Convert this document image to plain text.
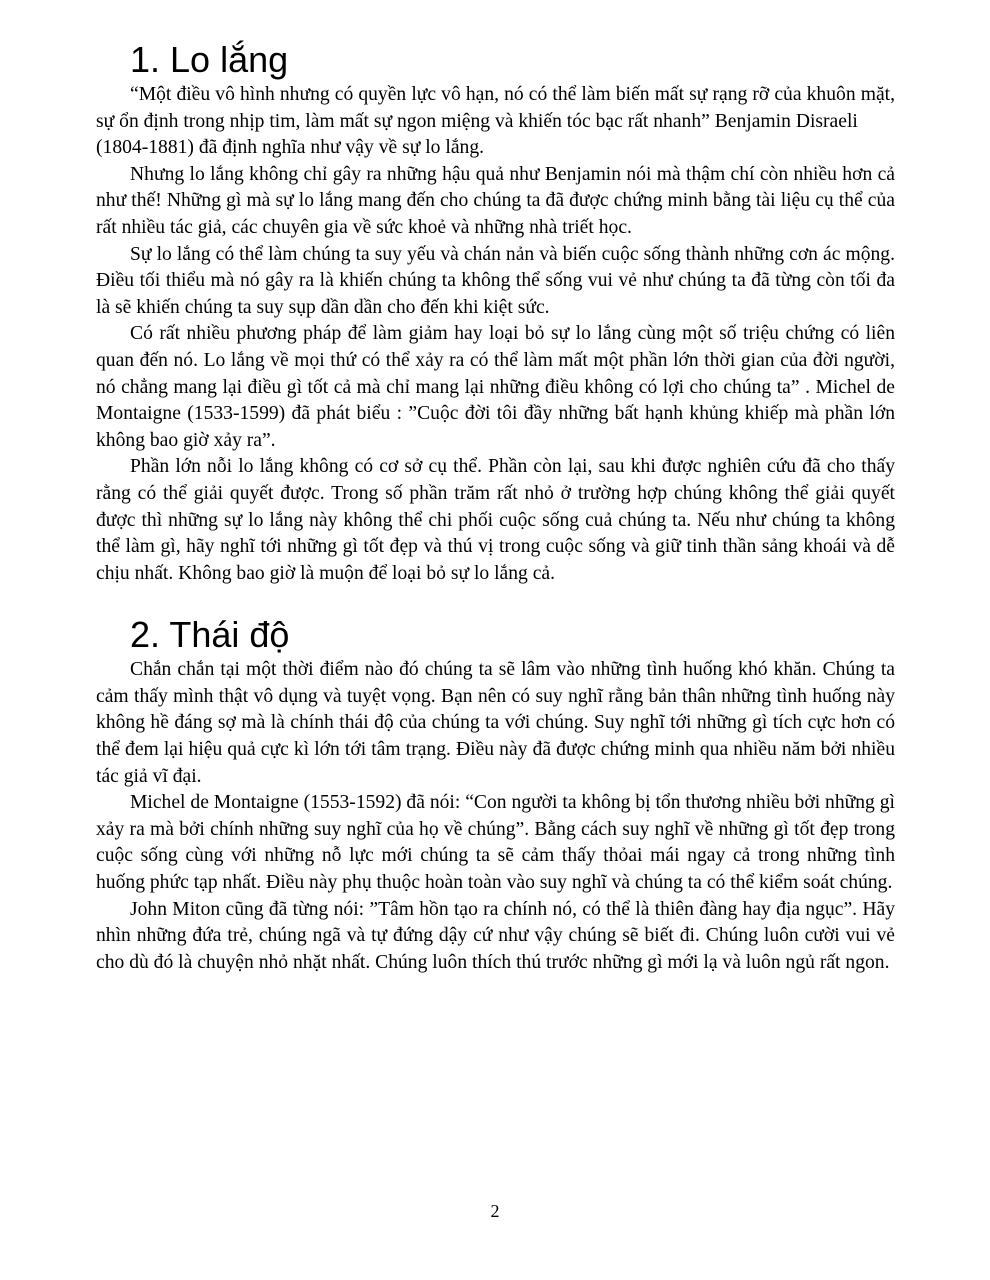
1. Lo lắng

“Một điều vô hình nhưng có quyền lực vô hạn, nó có thể làm biến mất sự rạng rỡ của khuôn mặt, sự ổn định trong nhịp tim, làm mất sự ngon miệng và khiến tóc bạc rất nhanh” Benjamin Disraeli

(1804-1881) đã định nghĩa như vậy về sự lo lắng.

Nhưng lo lắng không chỉ gây ra những hậu quả như Benjamin nói mà thậm chí còn nhiều hơn cả như thế! Những gì mà sự lo lắng mang đến cho chúng ta đã được chứng minh bằng tài liệu cụ thể của rất nhiều tác giả, các chuyên gia về sức khoẻ và những nhà triết học.

Sự lo lắng có thể làm chúng ta suy yếu và chán nản và biến cuộc sống thành những cơn ác mộng. Điều tối thiểu mà nó gây ra là khiến chúng ta không thể sống vui vẻ như chúng ta đã từng còn tối đa là sẽ khiến chúng ta suy sụp dần dần cho đến khi kiệt sức.

Có rất nhiều phương pháp để làm giảm hay loại bỏ sự lo lắng cùng một số triệu chứng có liên quan đến nó. Lo lắng về mọi thứ có thể xảy ra có thể làm mất một phần lớn thời gian của đời người, nó chẳng mang lại điều gì tốt cả mà chỉ mang lại những điều không có lợi cho chúng ta” . Michel de Montaigne (1533-1599) đã phát biểu : ”Cuộc đời tôi đầy những bất hạnh khủng khiếp mà phần lớn không bao giờ xảy ra”.

Phần lớn nỗi lo lắng không có cơ sở cụ thể. Phần còn lại, sau khi được nghiên cứu đã cho thấy rằng có thể giải quyết được. Trong số phần trăm rất nhỏ ở trường hợp chúng không thể giải quyết được thì những sự lo lắng này không thể chi phối cuộc sống cuả chúng ta. Nếu như chúng ta không thể làm gì, hãy nghĩ tới những gì tốt đẹp và thú vị trong cuộc sống và giữ tinh thần sảng khoái và dễ chịu nhất. Không bao giờ là muộn để loại bỏ sự lo lắng cả.

2. Thái độ

Chắn chắn tại một thời điểm nào đó chúng ta sẽ lâm vào những tình huống khó khăn. Chúng ta cảm thấy mình thật vô dụng và tuyệt vọng. Bạn nên có suy nghĩ rằng bản thân những tình huống này không hề đáng sợ mà là chính thái độ của chúng ta với chúng. Suy nghĩ tới những gì tích cực hơn có thể đem lại hiệu quả cực kì lớn tới tâm trạng. Điều này đã được chứng minh qua nhiều năm bởi nhiều tác giả vĩ đại.

Michel de Montaigne (1553-1592) đã nói: “Con người ta không bị tổn thương nhiều bởi những gì xảy ra mà bởi chính những suy nghĩ của họ về chúng”. Bằng cách suy nghĩ về những gì tốt đẹp trong cuộc sống cùng với những nỗ lực mới chúng ta sẽ cảm thấy thỏai mái ngay cả trong những tình huống phức tạp nhất. Điều này phụ thuộc hoàn toàn vào suy nghĩ và chúng ta có thể kiểm soát chúng.

John Miton cũng đã từng nói: ”Tâm hồn tạo ra chính nó, có thể là thiên đàng hay địa ngục”. Hãy nhìn những đứa trẻ, chúng ngã và tự đứng dậy cứ như vậy chúng sẽ biết đi. Chúng luôn cười vui vẻ cho dù đó là chuyện nhỏ nhặt nhất. Chúng luôn thích thú trước những gì mới lạ và luôn ngủ rất ngon.

2
